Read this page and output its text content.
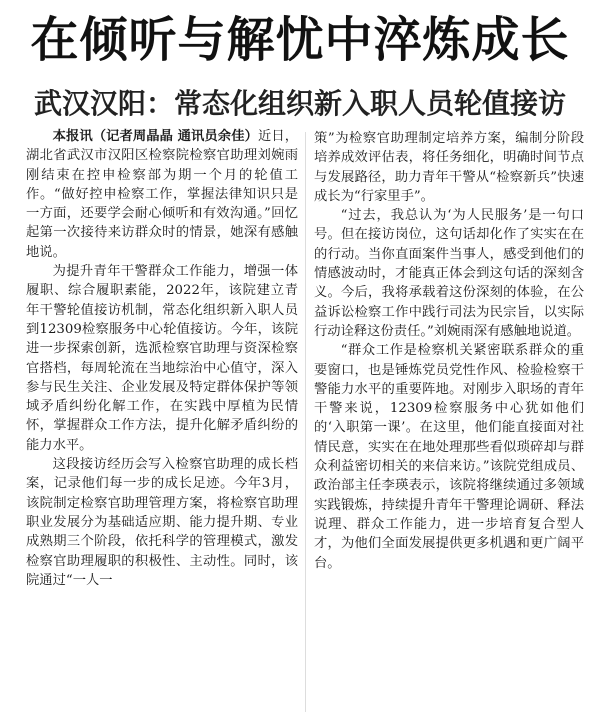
在倾听与解忧中淬炼成长
武汉汉阳：常态化组织新入职人员轮值接访

本报讯（记者周晶晶 通讯员余佳）近日，湖北省武汉市汉阳区检察院检察官助理刘婉雨刚结束在控申检察部为期一个月的轮值工作。“做好控申检察工作，掌握法律知识只是一方面，还要学会耐心倾听和有效沟通。”回忆起第一次接待来访群众时的情景，她深有感触地说。

为提升青年干警群众工作能力，增强一体履职、综合履职素能，2022年，该院建立青年干警轮值接访机制，常态化组织新入职人员到12309检察服务中心轮值接访。今年，该院进一步探索创新，选派检察官助理与资深检察官搭档，每周轮流在当地综治中心值守，深入参与民生关注、企业发展及特定群体保护等领域矛盾纠纷化解工作，在实践中厚植为民情怀，掌握群众工作方法，提升化解矛盾纠纷的能力水平。

这段接访经历会写入检察官助理的成长档案，记录他们每一步的成长足迹。今年3月，该院制定检察官助理管理方案，将检察官助理职业发展分为基础适应期、能力提升期、专业成熟期三个阶段，依托科学的管理模式，激发检察官助理履职的积极性、主动性。同时，该院通过“一人一

策”为检察官助理制定培养方案，编制分阶段培养成效评估表，将任务细化，明确时间节点与发展路径，助力青年干警从“检察新兵”快速成长为“行家里手”。

“过去，我总认为‘为人民服务’是一句口号。但在接访岗位，这句话却化作了实实在在的行动。当你直面案件当事人，感受到他们的情感波动时，才能真正体会到这句话的深刻含义。今后，我将承载着这份深刻的体验，在公益诉讼检察工作中践行司法为民宗旨，以实际行动诠释这份责任。”刘婉雨深有感触地说道。

“群众工作是检察机关紧密联系群众的重要窗口，也是锤炼党员党性作风、检验检察干警能力水平的重要阵地。对刚步入职场的青年干警来说，12309检察服务中心犹如他们的‘入职第一课’。在这里，他们能直接面对社情民意，实实在在地处理那些看似琐碎却与群众利益密切相关的来信来访。”该院党组成员、政治部主任李瑛表示，该院将继续通过多领域实践锻炼，持续提升青年干警理论调研、释法说理、群众工作能力，进一步培育复合型人才，为他们全面发展提供更多机遇和更广阔平台。
